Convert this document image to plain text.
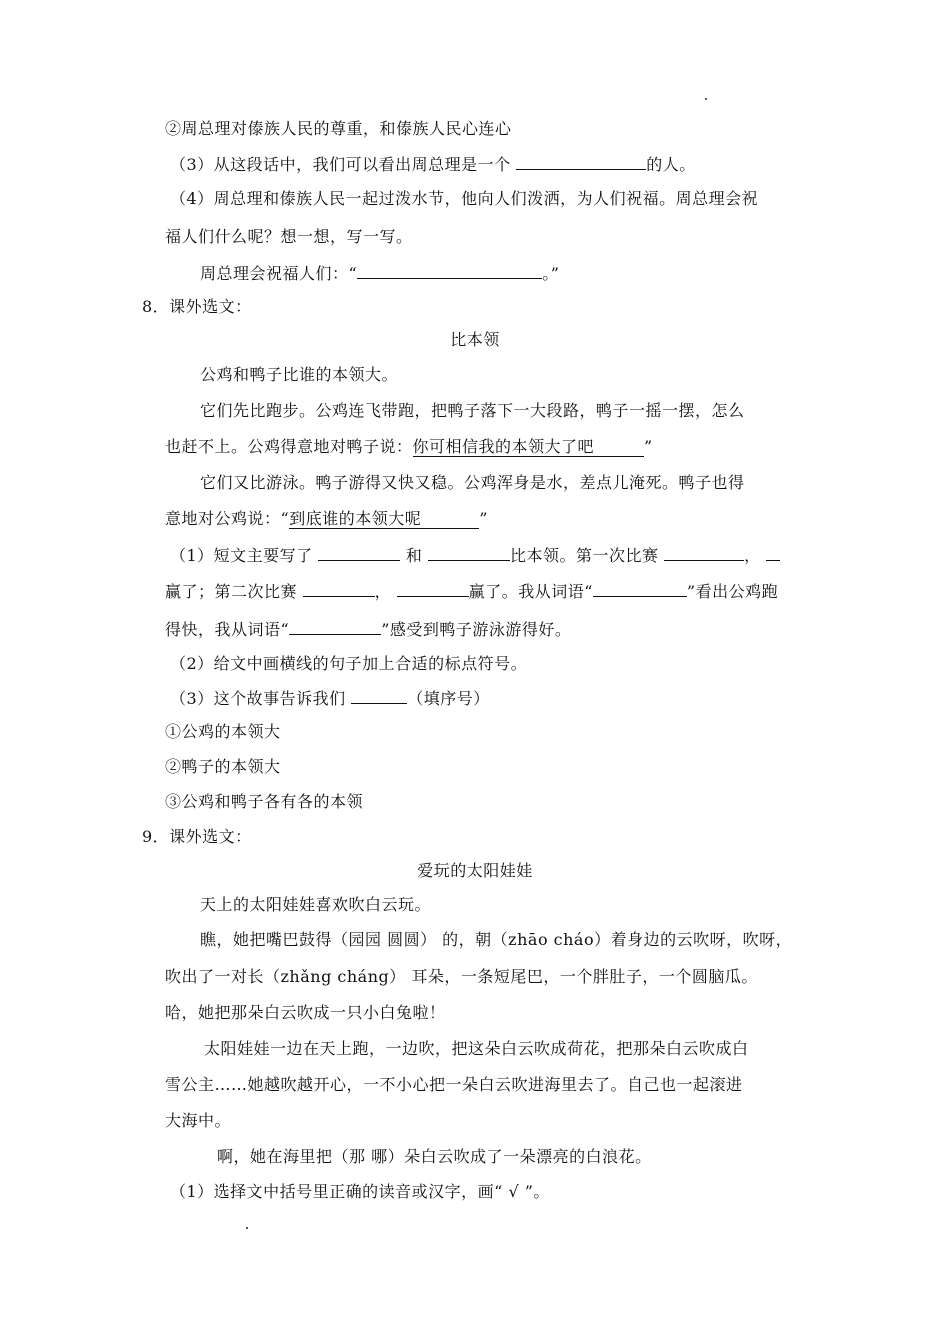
②周总理对傣族人民的尊重，和傣族人民心连心
（3）从这段话中，我们可以看出周总理是一个	的人。
（4）周总理和傣族人民一起过泼水节，他向人们泼洒，为人们祝福。周总理会祝
福人们什么呢？想一想，写一写。
周总理会祝福人们：“	。”
8．课外选文：
比本领
公鸡和鸭子比谁的本领大。
它们先比跑步。公鸡连飞带跑，把鸭子落下一大段路，鸭子一摇一摆，怎么
也赶不上。公鸡得意地对鸭子说：你可相信我的本领大了吧	”
它们又比游泳。鸭子游得又快又稳。公鸡浑身是水，差点儿淹死。鸭子也得
意地对公鸡说：“到底谁的本领大呢	”
（1）短文主要写了	和	比本领。第一次比赛	，
赢了；第二次比赛	，	赢了。我从词语“	”看出公鸡跑
得快，我从词语“	”感受到鸭子游泳游得好。
（2）给文中画横线的句子加上合适的标点符号。
（3）这个故事告诉我们	（填序号）
①公鸡的本领大
②鸭子的本领大
③公鸡和鸭子各有各的本领
9．课外选文：
爱玩的太阳娃娃
天上的太阳娃娃喜欢吹白云玩。
瞧，她把嘴巴鼓得（园园 圆圆） 的，朝（zhāo cháo）着身边的云吹呀，吹呀，
吹出了一对长（zhǎng cháng） 耳朵，一条短尾巴，一个胖肚子，一个圆脑瓜。
哈，她把那朵白云吹成一只小白兔啦！
太阳娃娃一边在天上跑，一边吹，把这朵白云吹成荷花，把那朵白云吹成白
雪公主……她越吹越开心，一不小心把一朵白云吹进海里去了。自己也一起滚进
大海中。
啊，她在海里把（那 哪）朵白云吹成了一朵漂亮的白浪花。
（1）选择文中括号里正确的读音或汉字，画“ √ ”。
